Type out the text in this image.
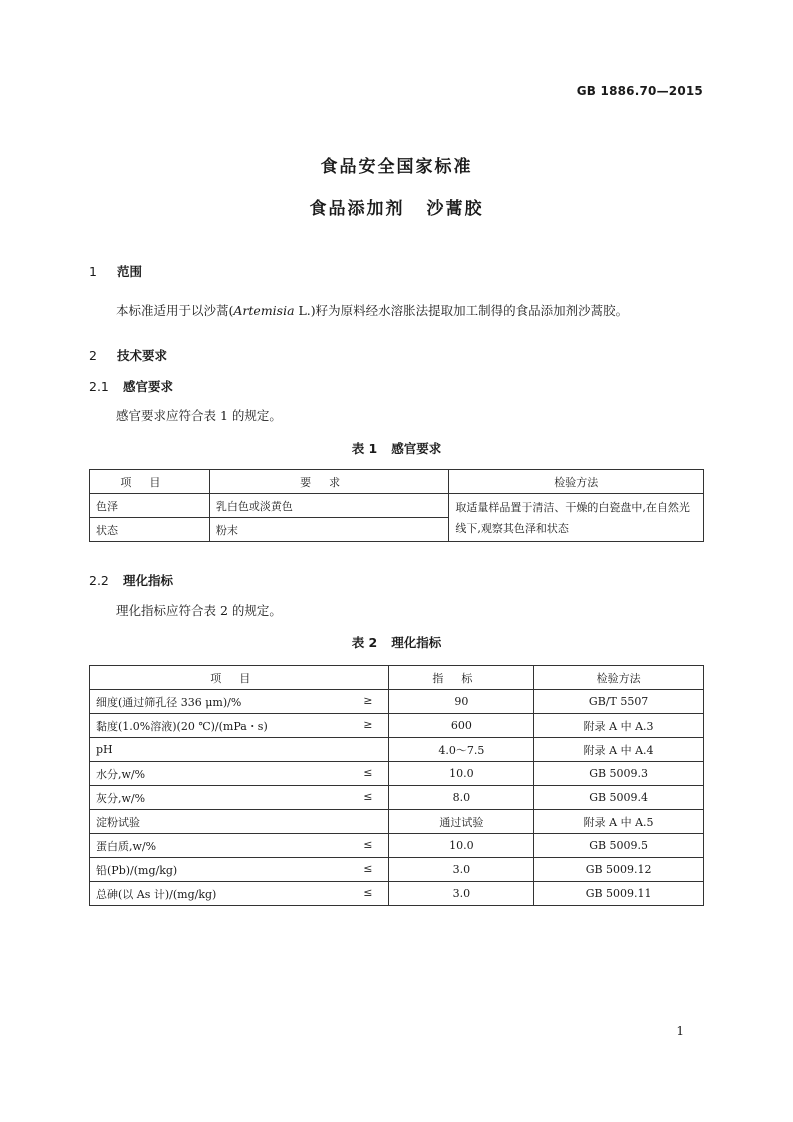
GB 1886.70—2015
食品安全国家标准
食品添加剂 沙蒿胶
1 范围
本标准适用于以沙蒿(Artemisia L.)籽为原料经水溶胀法提取加工制得的食品添加剂沙蒿胶。
2 技术要求
2.1 感官要求
感官要求应符合表 1 的规定。
表 1 感官要求
项目	要求	检验方法
色泽	乳白色或淡黄色	取适量样品置于清洁、干燥的白瓷盘中,在自然光线下,观察其色泽和状态
状态	粉末	
2.2 理化指标
理化指标应符合表 2 的规定。
表 2 理化指标
项目	指标	检验方法
细度(通过筛孔径 336 μm)/% ≥	90	GB/T 5507
黏度(1.0%溶液)(20 ℃)/(mPa・s) ≥	600	附录 A 中 A.3
pH	4.0～7.5	附录 A 中 A.4
水分,w/% ≤	10.0	GB 5009.3
灰分,w/% ≤	8.0	GB 5009.4
淀粉试验	通过试验	附录 A 中 A.5
蛋白质,w/% ≤	10.0	GB 5009.5
铅(Pb)/(mg/kg) ≤	3.0	GB 5009.12
总砷(以 As 计)/(mg/kg) ≤	3.0	GB 5009.11
1
